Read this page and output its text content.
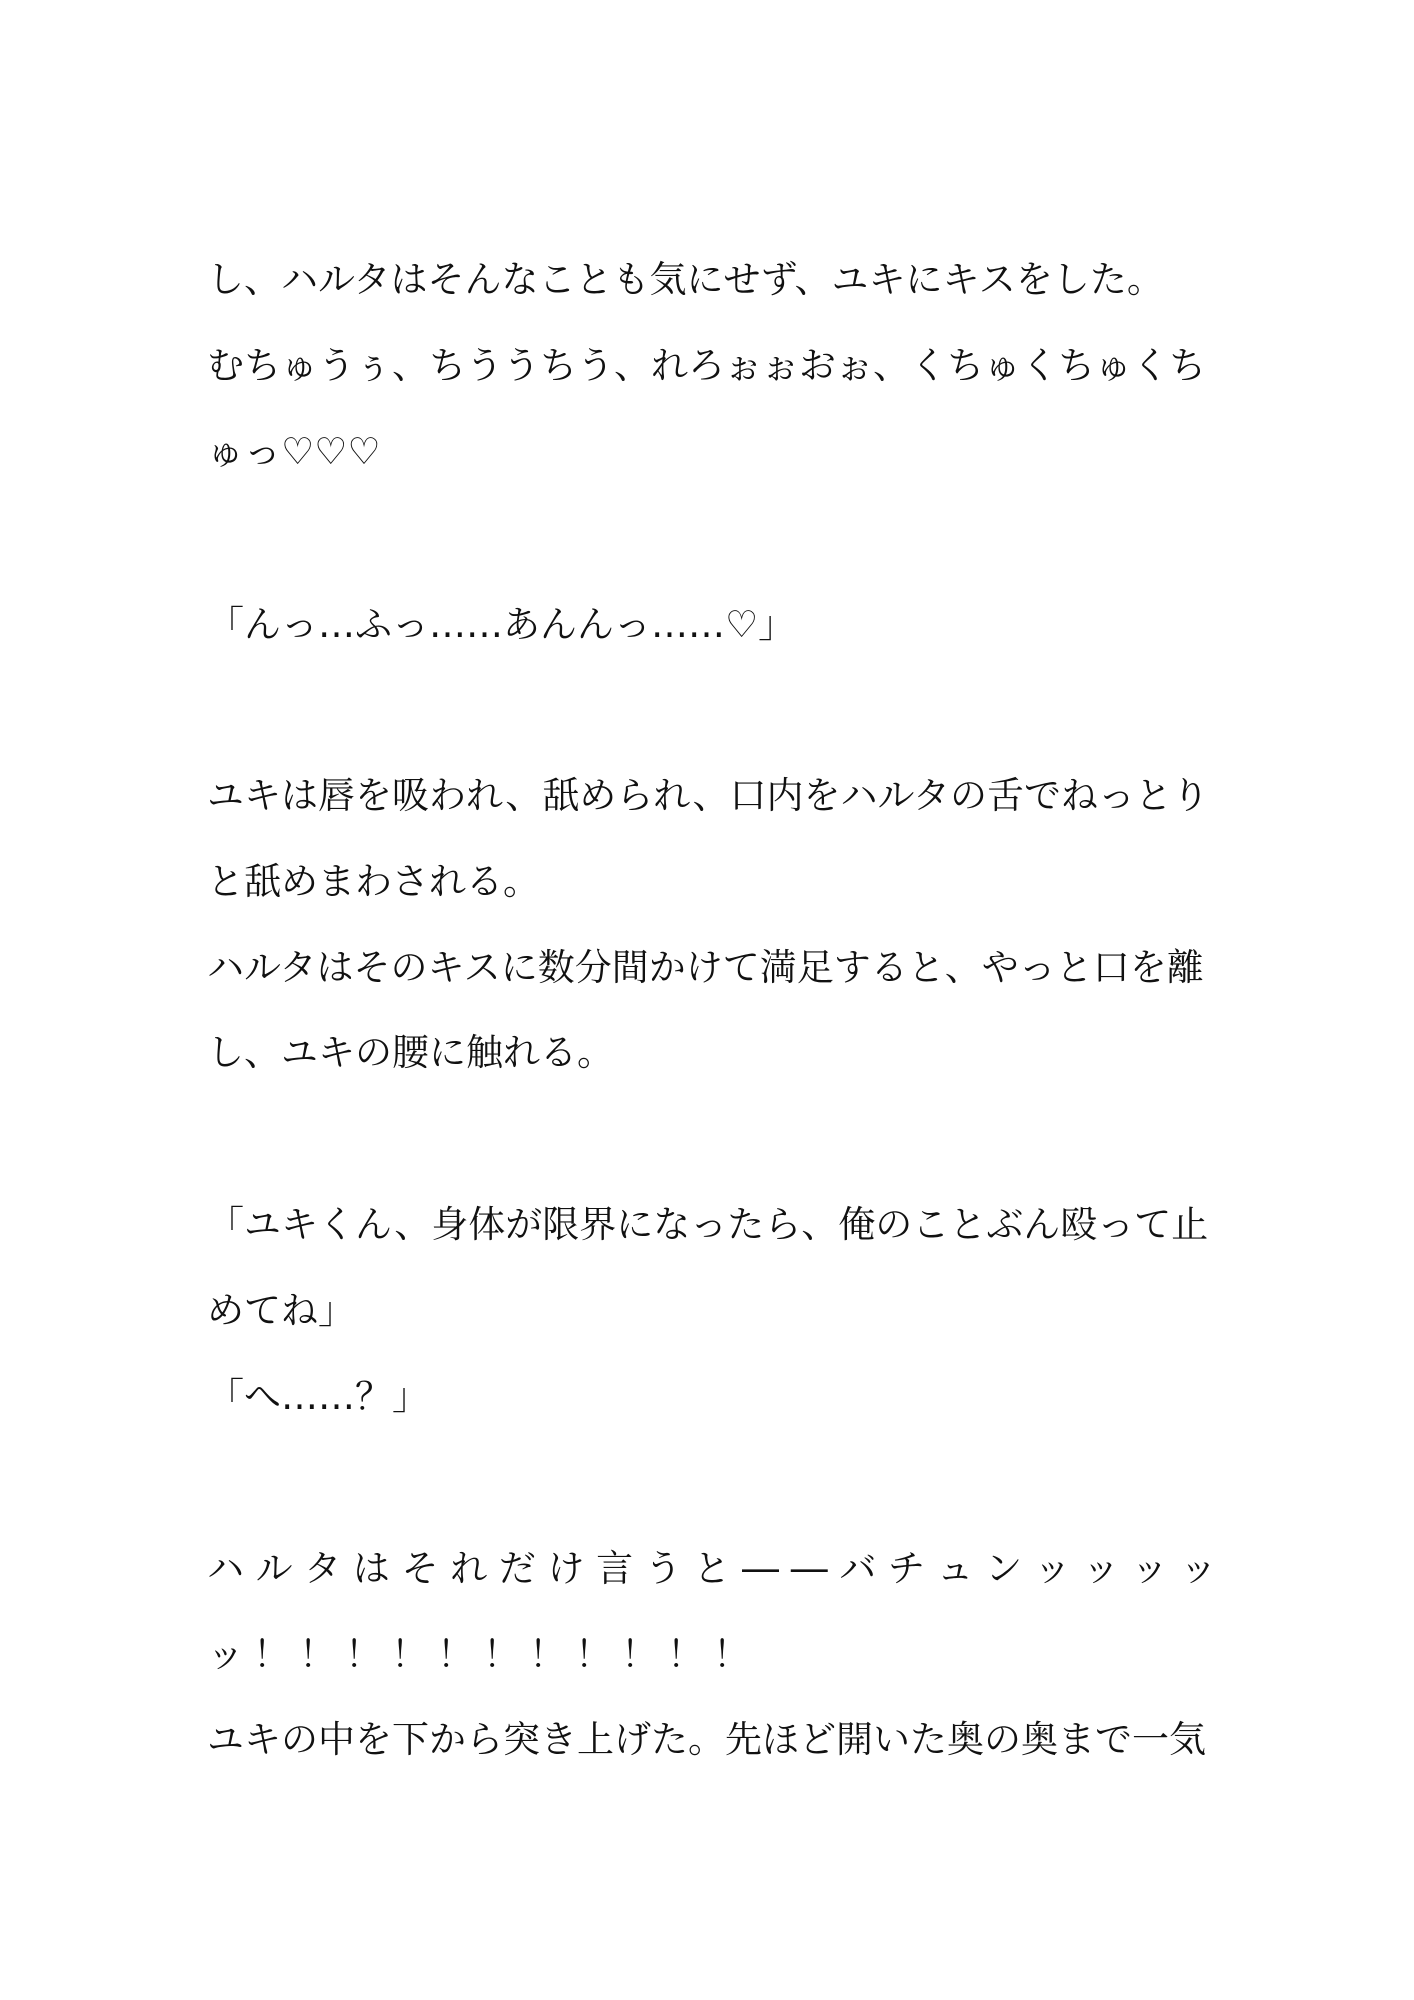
し、ハルタはそんなことも気にせず、ユキにキスをした。
むちゅうぅ、ちううちう、れろぉぉおぉ、くちゅくちゅくち
ゅっ♡♡♡
「んっ…ふっ……あんんっ……♡」
ユキは唇を吸われ、舐められ、口内をハルタの舌でねっとり
と舐めまわされる。
ハルタはそのキスに数分間かけて満足すると、やっと口を離
し、ユキの腰に触れる。
「ユキくん、身体が限界になったら、俺のことぶん殴って止
めてね」
「へ……？」
ハ ル タ は そ れ だ け 言 う と ― ― バ チ ュ ン ッ ッ ッ ッ
ッ！！！！！！！！！！！
ユキの中を下から突き上げた。先ほど開いた奥の奥まで一気
